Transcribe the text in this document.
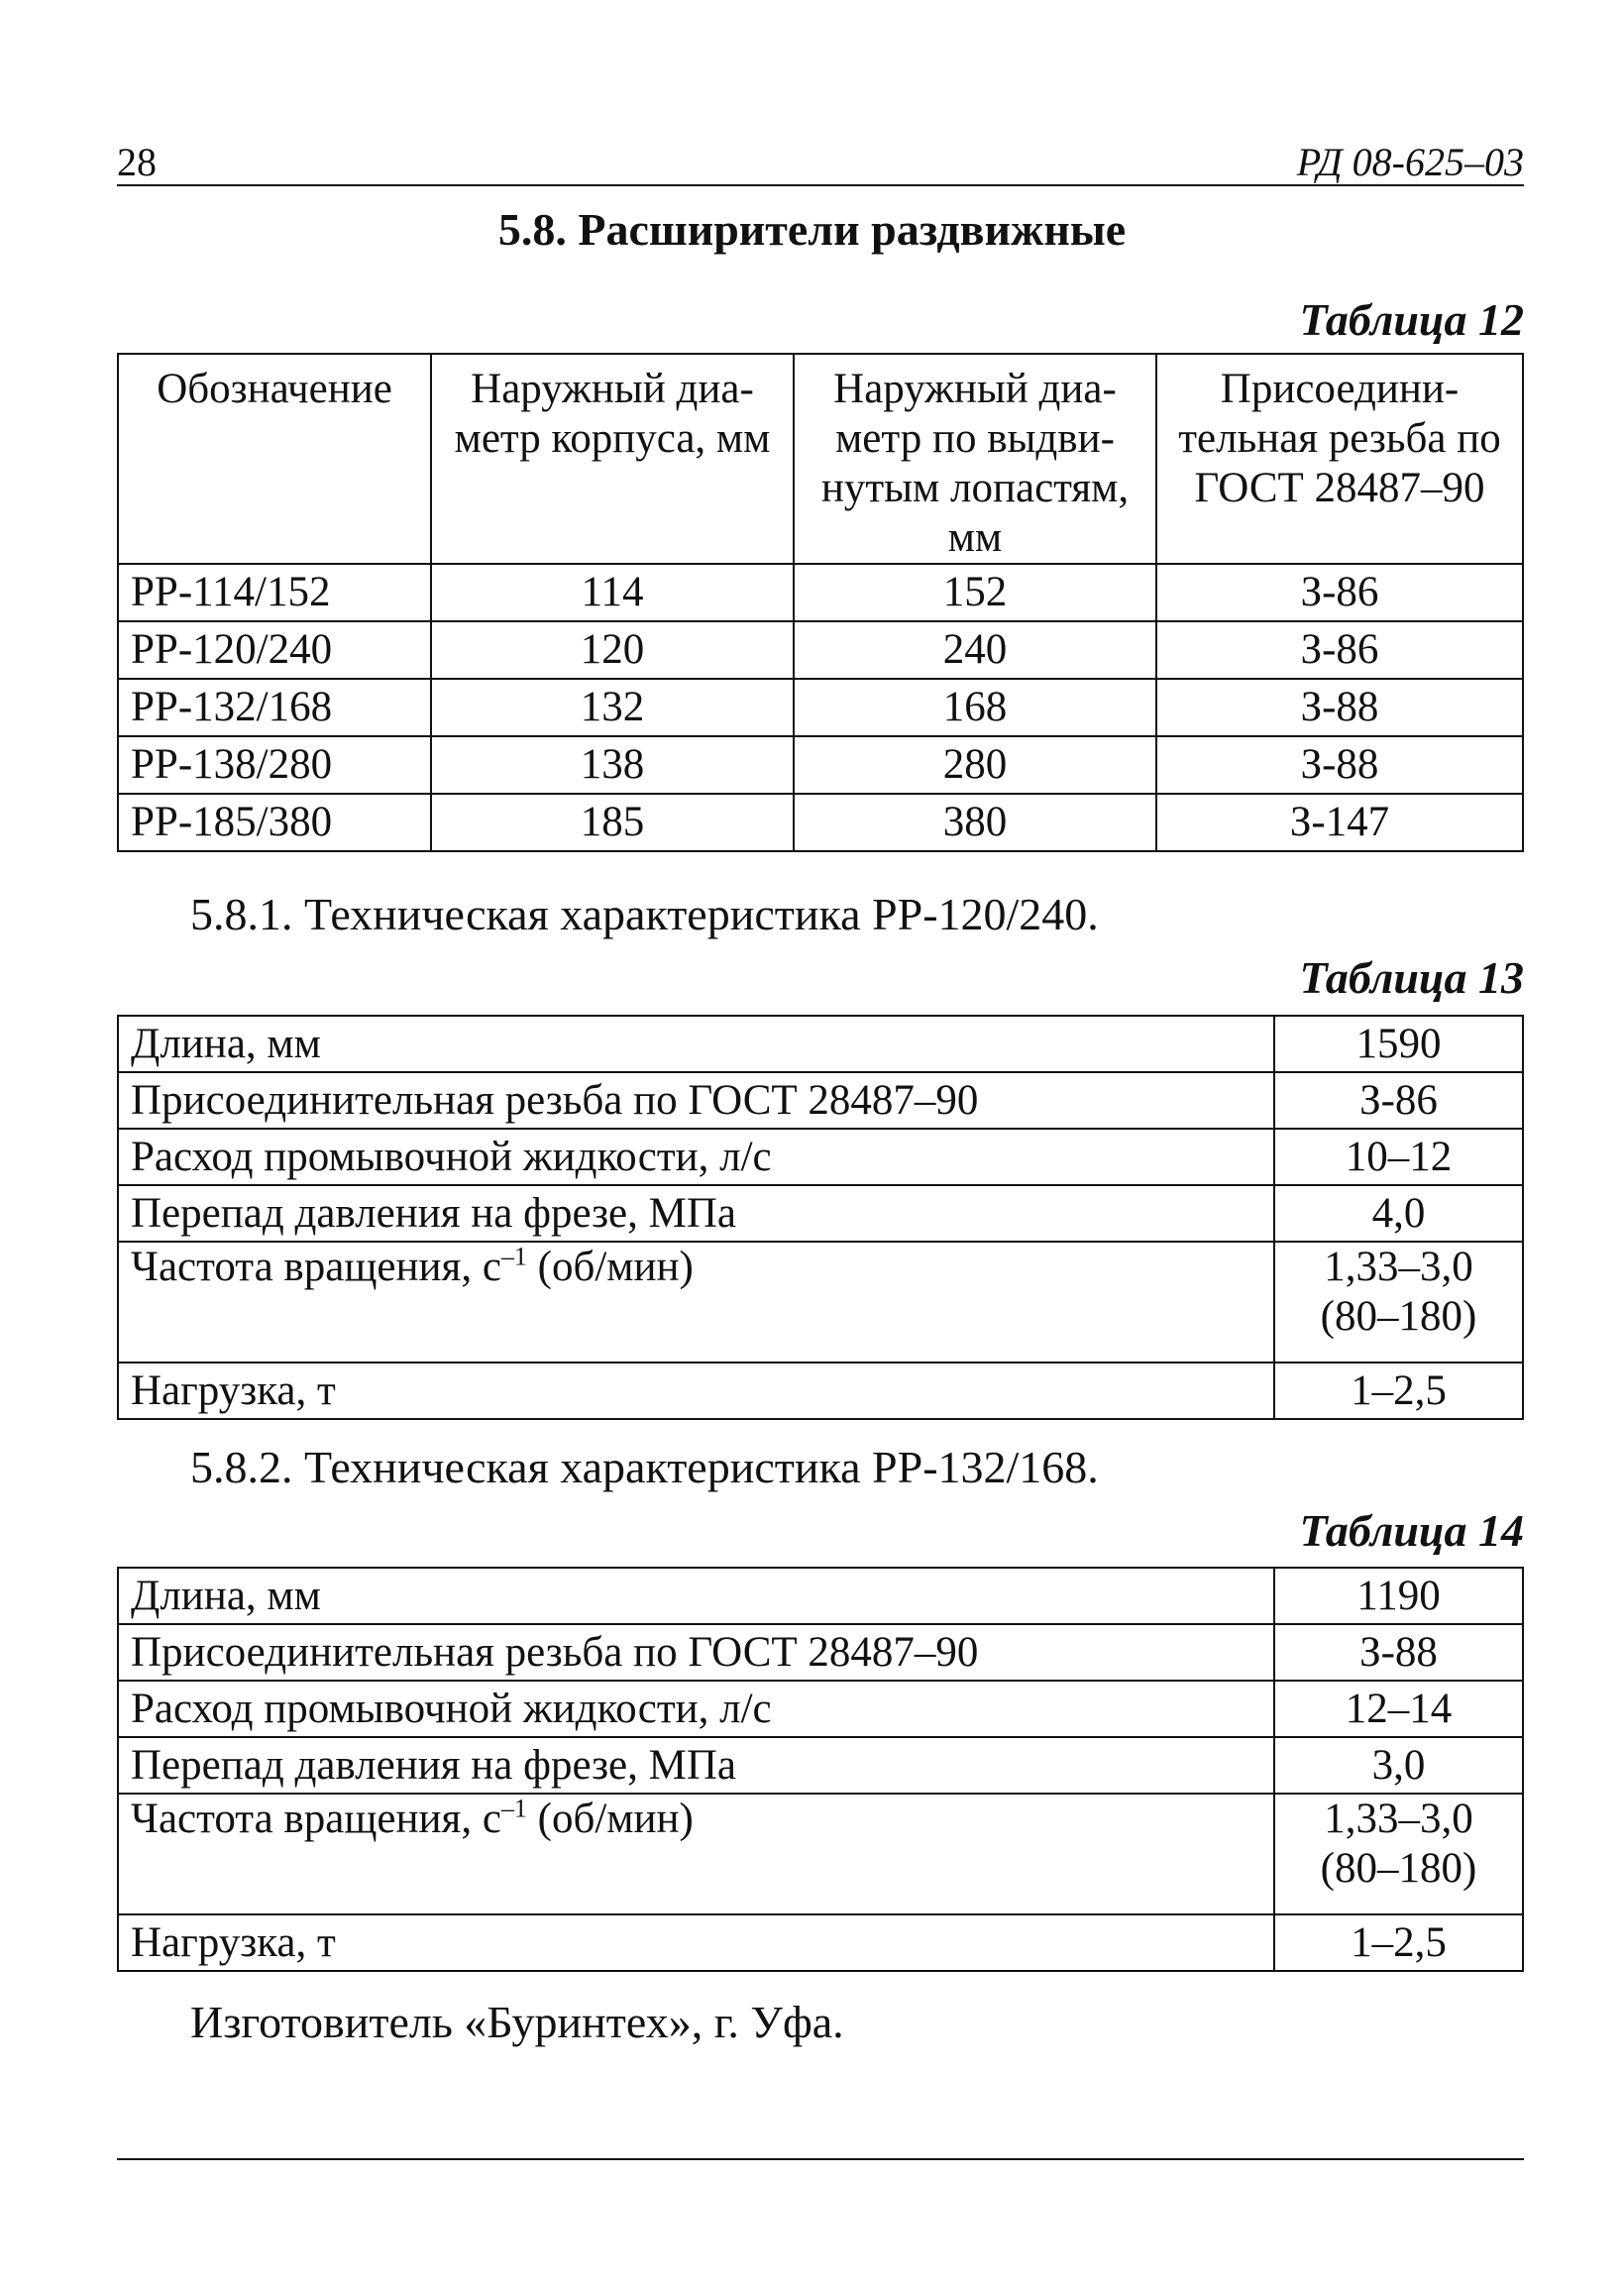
28	РД 08-625–03
5.8. Расширители раздвижные
Таблица 12
Обозначение	Наружный диа-метр корпуса, мм	Наружный диа-метр по выдви-нутым лопастям, мм	Присоедини-тельная резьба по ГОСТ 28487–90
РР-114/152	114	152	З-86
РР-120/240	120	240	З-86
РР-132/168	132	168	З-88
РР-138/280	138	280	З-88
РР-185/380	185	380	З-147
5.8.1. Техническая характеристика РР-120/240.
Таблица 13
Длина, мм	1590
Присоединительная резьба по ГОСТ 28487–90	З-86
Расход промывочной жидкости, л/с	10–12
Перепад давления на фрезе, МПа	4,0
Частота вращения, $с^{-1}$ (об/мин)	1,33–3,0
(80–180)

Нагрузка, т	1–2,5
5.8.2. Техническая характеристика РР-132/168.
Таблица 14
Длина, мм	1190
Присоединительная резьба по ГОСТ 28487–90	З-88
Расход промывочной жидкости, л/с	12–14
Перепад давления на фрезе, МПа	3,0
Частота вращения, $с^{-1}$ (об/мин)	1,33–3,0
(80–180)

Нагрузка, т	1–2,5
Изготовитель «Буринтех», г. Уфа.
